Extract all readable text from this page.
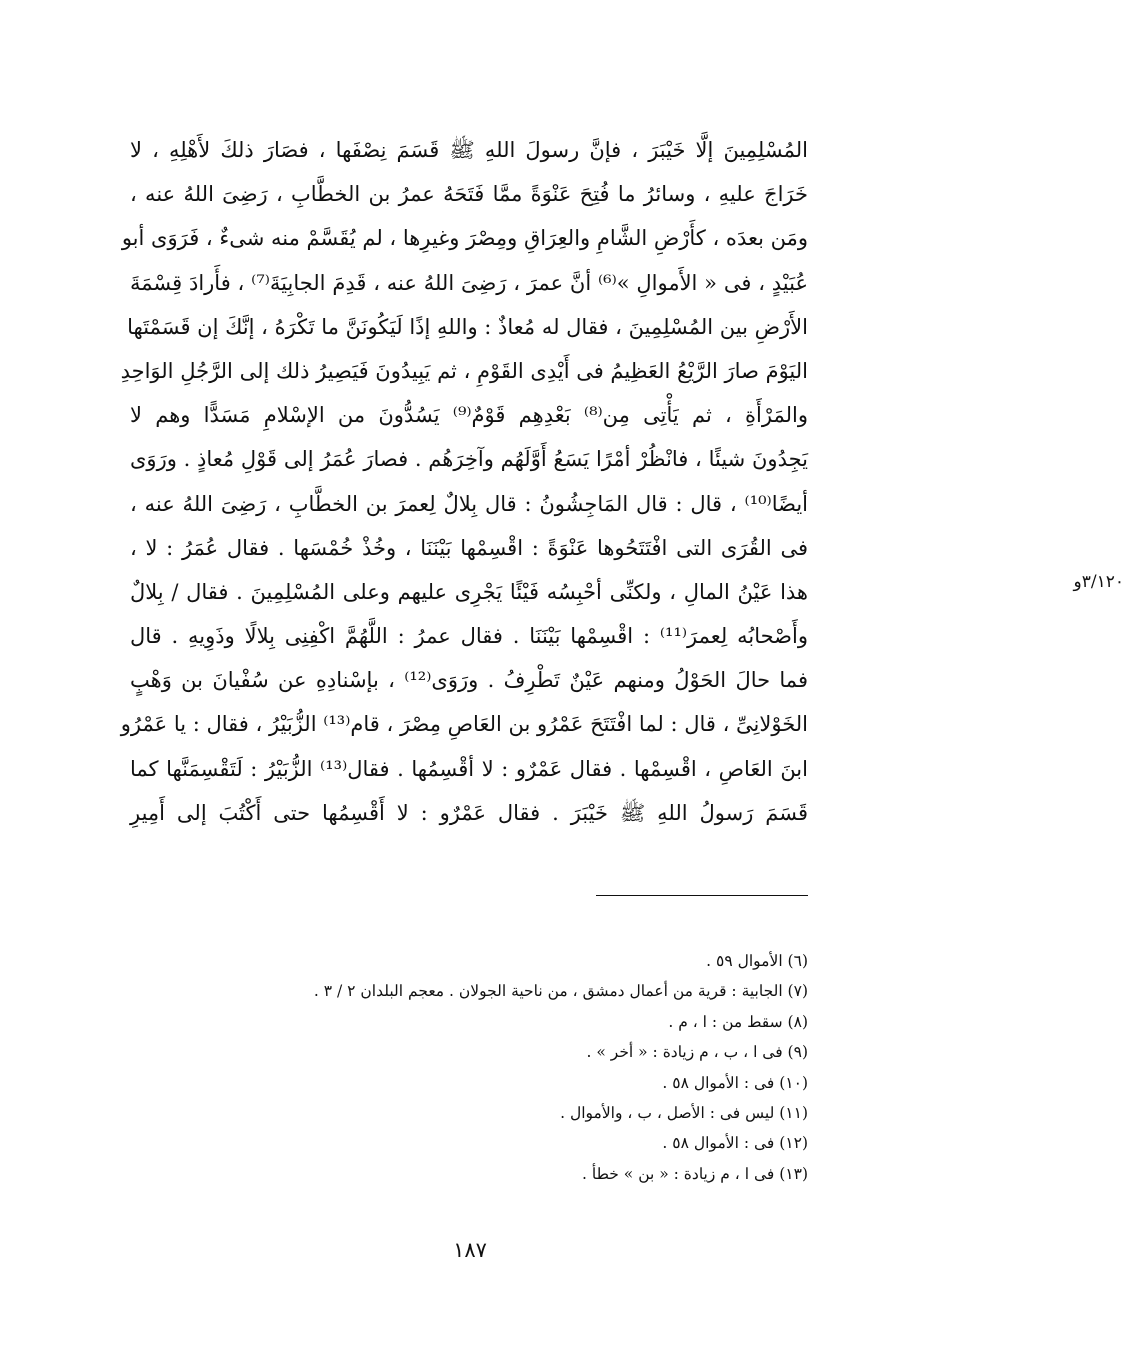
المُسْلِمِينَ إلَّا خَيْبَرَ ، فإنَّ رسولَ اللهِ ﷺ قَسَمَ نِصْفَها ، فصَارَ ذلكَ لأَهْلِهِ ، لا
خَرَاجَ عليهِ ، وسائرُ ما فُتِحَ عَنْوَةً ممَّا فَتَحَهُ عمرُ بن الخطَّابِ ، رَضِىَ اللهُ عنه ،
ومَن بعدَه ، كأَرْضِ الشَّامِ والعِرَاقِ ومِصْرَ وغيرِها ، لم يُقَسَّمْ منه شىءٌ ، فَرَوَى أبو
عُبَيْدٍ ، فى « الأَموالِ »⁽⁶⁾ أنَّ عمرَ ، رَضِىَ اللهُ عنه ، قَدِمَ الجابِيَةَ⁽⁷⁾ ، فأَرادَ قِسْمَةَ
الأَرْضِ بين المُسْلِمِينَ ، فقال له مُعاذٌ : واللهِ إذًا لَيَكُونَنَّ ما تَكْرَهُ ، إنَّكَ إن قَسَمْتَها
اليَوْمَ صارَ الرَّيْعُ العَظِيمُ فى أَيْدِى القَوْمِ ، ثم يَبِيدُونَ فَيَصِيرُ ذلك إلى الرَّجُلِ الوَاحِدِ
والمَرْأَةِ ، ثم يَأْتِى مِن⁽⁸⁾ بَعْدِهِم قَوْمٌ⁽⁹⁾ يَسُدُّونَ من الإسْلامِ مَسَدًّا وهم لا
يَجِدُونَ شيئًا ، فانْظُرْ أمْرًا يَسَعُ أَوَّلَهُم وآخِرَهُم . فصارَ عُمَرُ إلى قَوْلِ مُعاذٍ . ورَوَى
أيضًا⁽¹⁰⁾ ، قال : قال المَاجِشُونُ : قال بِلالٌ لِعمرَ بن الخطَّابِ ، رَضِىَ اللهُ عنه ،
فى القُرَى التى افْتَتَحُوها عَنْوَةً : اقْسِمْها بَيْنَنَا ، وخُذْ خُمْسَها . فقال عُمَرُ : لا ،
هذا عَيْنُ المالِ ، ولكنِّى أحْبِسُه فَيْئًا يَجْرِى عليهم وعلى المُسْلِمِينَ . فقال / بِلالٌ
وأَصْحابُه لِعمرَ⁽¹¹⁾ : اقْسِمْها بَيْنَنَا . فقال عمرُ : اللَّهُمَّ اكْفِنِى بِلالًا وذَوِيهِ . قال
فما حالَ الحَوْلُ ومنهم عَيْنٌ تَطْرِفُ . ورَوَى⁽¹²⁾ ، بإسْنادِهِ عن سُفْيانَ بن وَهْبٍ
الخَوْلانِىِّ ، قال : لما افْتَتَحَ عَمْرُو بن العَاصِ مِصْرَ ، قام⁽¹³⁾ الزُّبَيْرُ ، فقال : يا عَمْرُو
ابنَ العَاصِ ، اقْسِمْها . فقال عَمْرٌو : لا أقْسِمُها . فقال⁽¹³⁾ الزُّبَيْرُ : لَتَقْسِمَنَّها كما
قَسَمَ رَسولُ اللهِ ﷺ خَيْبَرَ . فقال عَمْرٌو : لا أَقْسِمُها حتى أَكْتُبَ إلى أَمِيرِ
٣/١٢٠و
(٦) الأموال ٥٩ .
(٧) الجابية : قرية من أعمال دمشق ، من ناحية الجولان . معجم البلدان ٢ / ٣ .
(٨) سقط من : ا ، م .
(٩) فى ا ، ب ، م زيادة : « أخر » .
(١٠) فى : الأموال ٥٨ .
(١١) ليس فى : الأصل ، ب ، والأموال .
(١٢) فى : الأموال ٥٨ .
(١٣) فى ا ، م زيادة : « بن » خطأ .
١٨٧
